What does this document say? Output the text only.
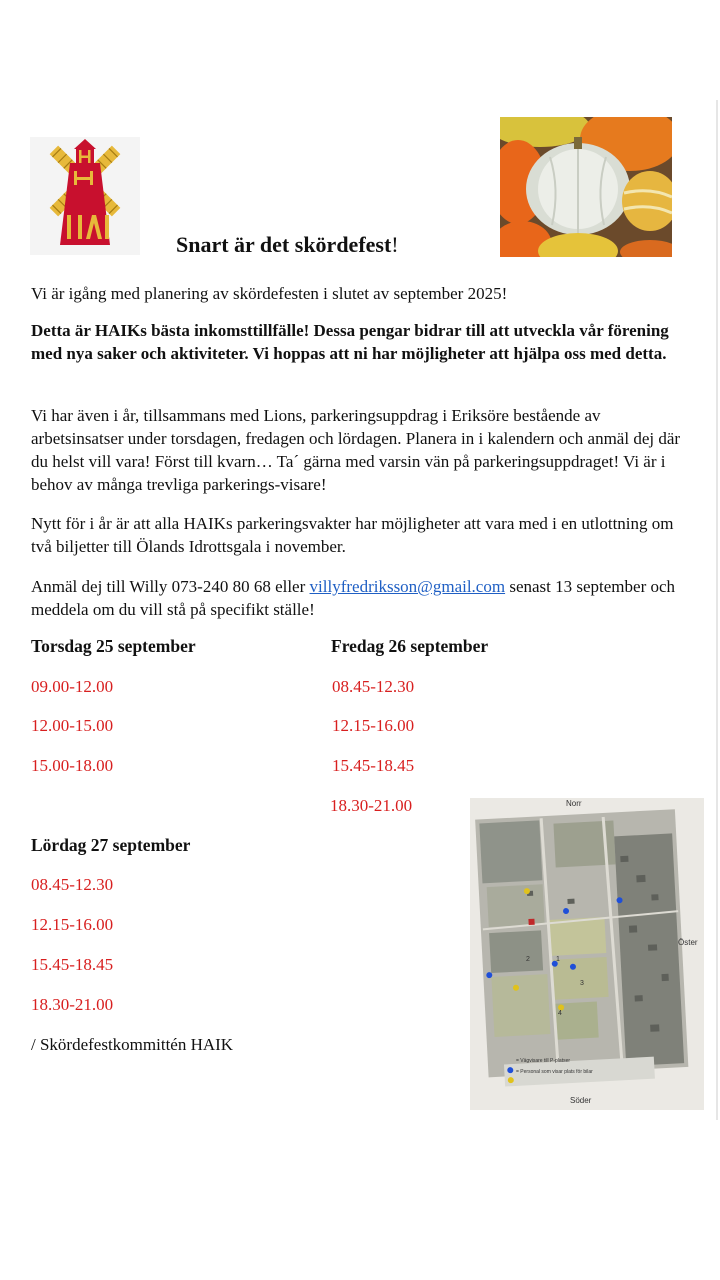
Snart är det skördefest!

Vi är igång med planering av skördefesten i slutet av september 2025!

Detta är HAIKs bästa inkomsttillfälle! Dessa pengar bidrar till att utveckla vår förening med nya saker och aktiviteter. Vi hoppas att ni har möjligheter att hjälpa oss med detta.

Vi har även i år, tillsammans med Lions, parkeringsuppdrag i Eriksöre bestående av arbetsinsatser under torsdagen, fredagen och lördagen. Planera in i kalendern och anmäl dej där du helst vill vara! Först till kvarn… Ta´ gärna med varsin vän på parkeringsuppdraget! Vi är i behov av många trevliga parkerings-visare!

Nytt för i år är att alla HAIKs parkeringsvakter har möjligheter att vara med i en utlottning om två biljetter till Ölands Idrottsgala i november.

Anmäl dej till Willy 073-240 80 68 eller villyfredriksson@gmail.com senast 13 september och meddela om du vill stå på specifikt ställe!

Torsdag 25 september
09.00-12.00
12.00-15.00
15.00-18.00
Fredag 26 september
08.45-12.30
12.15-16.00
15.45-18.45
18.30-21.00
Lördag 27 september
08.45-12.30
12.15-16.00
15.45-18.45
18.30-21.00
/ Skördefestkommittén HAIK
Norr
Öster
Söder
1
2
3
4
= Vägvisare till P-platser
= Personal som visar plats för bilar
